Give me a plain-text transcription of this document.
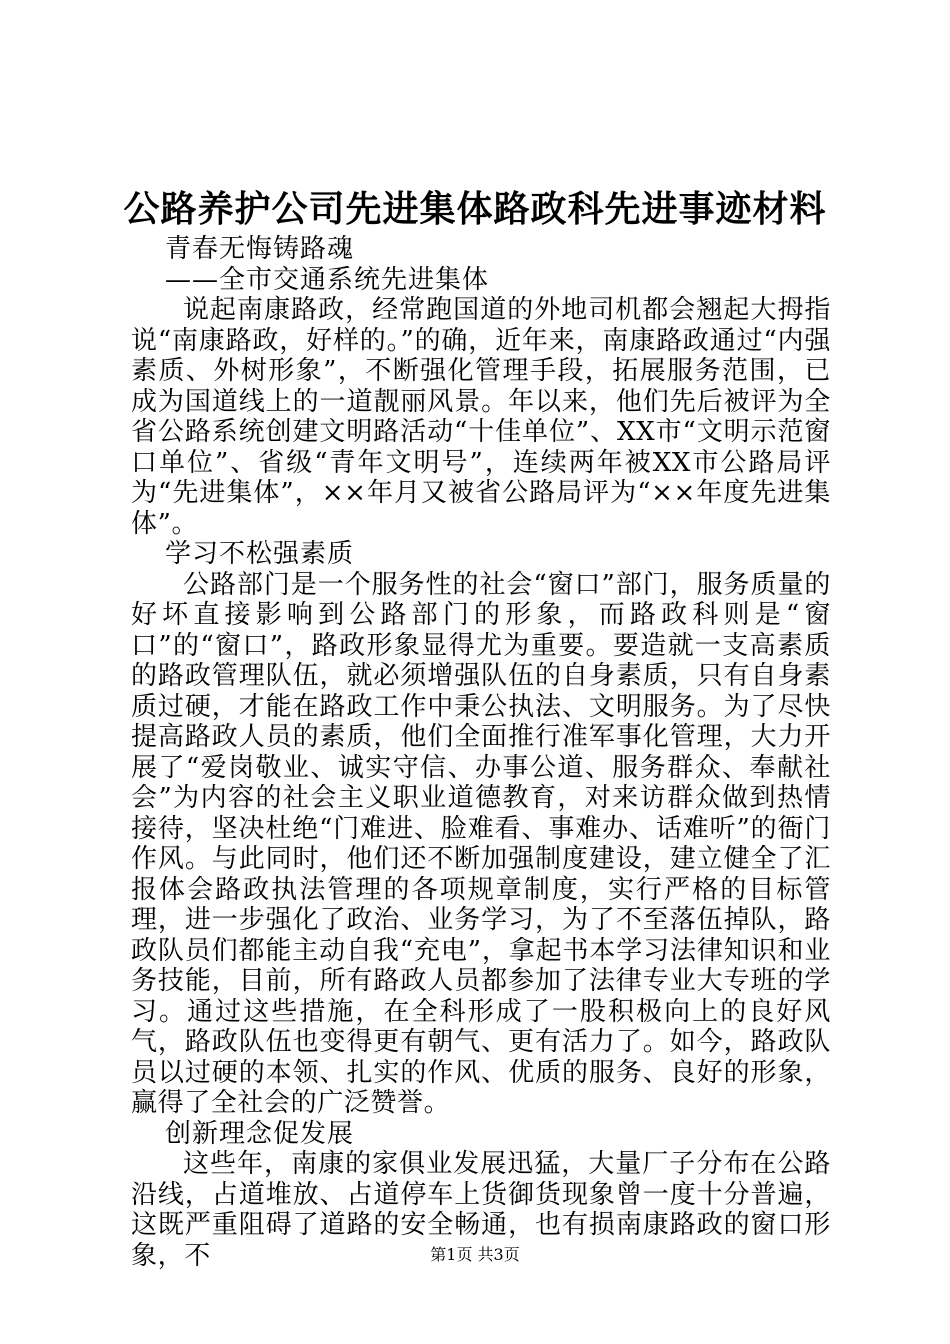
公路养护公司先进集体路政科先进事迹材料

青春无悔铸路魂

——全市交通系统先进集体

说起南康路政，经常跑国道的外地司机都会翘起大拇指说“南康路政，好样的。”的确，近年来，南康路政通过“内强素质、外树形象”，不断强化管理手段，拓展服务范围，已成为国道线上的一道靓丽风景。年以来，他们先后被评为全省公路系统创建文明路活动“十佳单位”、XX市“文明示范窗口单位”、省级“青年文明号”，连续两年被XX市公路局评为“先进集体”，××年月又被省公路局评为“××年度先进集体”。

学习不松强素质

公路部门是一个服务性的社会“窗口”部门，服务质量的好坏直接影响到公路部门的形象，而路政科则是“窗口”的“窗口”，路政形象显得尤为重要。要造就一支高素质的路政管理队伍，就必须增强队伍的自身素质，只有自身素质过硬，才能在路政工作中秉公执法、文明服务。为了尽快提高路政人员的素质，他们全面推行准军事化管理，大力开展了“爱岗敬业、诚实守信、办事公道、服务群众、奉献社会”为内容的社会主义职业道德教育，对来访群众做到热情接待，坚决杜绝“门难进、脸难看、事难办、话难听”的衙门作风。与此同时，他们还不断加强制度建设，建立健全了汇报体会路政执法管理的各项规章制度，实行严格的目标管理，进一步强化了政治、业务学习，为了不至落伍掉队，路政队员们都能主动自我“充电”，拿起书本学习法律知识和业务技能，目前，所有路政人员都参加了法律专业大专班的学习。通过这些措施，在全科形成了一股积极向上的良好风气，路政队伍也变得更有朝气、更有活力了。如今，路政队员以过硬的本领、扎实的作风、优质的服务、良好的形象，赢得了全社会的广泛赞誉。

创新理念促发展

这些年，南康的家俱业发展迅猛，大量厂子分布在公路沿线，占道堆放、占道停车上货御货现象曾一度十分普遍，这既严重阻碍了道路的安全畅通，也有损南康路政的窗口形象，不	第1页 共3页
